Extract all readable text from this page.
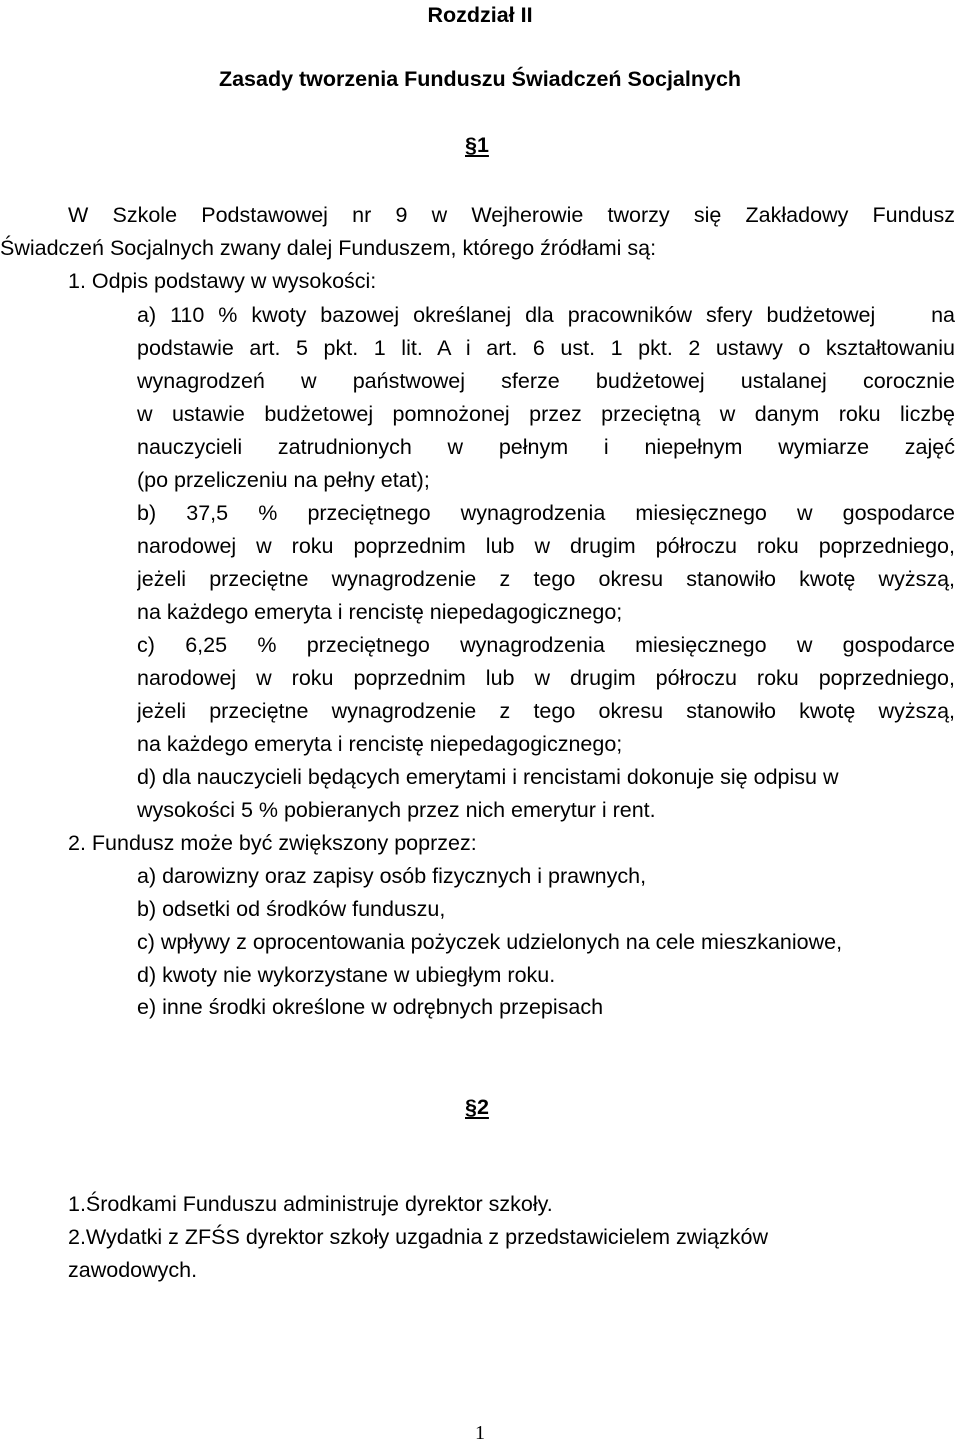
Rozdział II
Zasady tworzenia Funduszu Świadczeń Socjalnych
§1
W Szkole Podstawowej nr 9 w Wejherowie tworzy się Zakładowy Fundusz
Świadczeń Socjalnych zwany dalej Funduszem, którego źródłami są:
1. Odpis podstawy w wysokości:
a) 110 % kwoty bazowej określanej dla pracowników sfery budżetowej    na
podstawie art. 5 pkt. 1 lit. A i art. 6 ust. 1 pkt. 2 ustawy o kształtowaniu
wynagrodzeń w państwowej sferze budżetowej ustalanej corocznie
w ustawie budżetowej pomnożonej przez przeciętną w danym roku liczbę
nauczycieli zatrudnionych w pełnym i niepełnym wymiarze zajęć
(po przeliczeniu na pełny etat);
b) 37,5 % przeciętnego wynagrodzenia miesięcznego w gospodarce
narodowej w roku poprzednim lub w drugim półroczu roku poprzedniego,
jeżeli przeciętne wynagrodzenie z tego okresu stanowiło kwotę wyższą,
na każdego emeryta i rencistę niepedagogicznego;
c) 6,25 % przeciętnego wynagrodzenia miesięcznego w gospodarce
narodowej w roku poprzednim lub w drugim półroczu roku poprzedniego,
jeżeli przeciętne wynagrodzenie z tego okresu stanowiło kwotę wyższą,
na każdego emeryta i rencistę niepedagogicznego;
d) dla nauczycieli będących emerytami i rencistami dokonuje się odpisu w
wysokości 5 % pobieranych przez nich emerytur i rent.
2. Fundusz może być zwiększony poprzez:
a) darowizny oraz zapisy osób fizycznych i prawnych,
b) odsetki od środków funduszu,
c) wpływy z oprocentowania pożyczek udzielonych na cele mieszkaniowe,
d) kwoty nie wykorzystane w ubiegłym roku.
e) inne środki określone w odrębnych przepisach
§2
1.Środkami Funduszu administruje dyrektor szkoły.
2.Wydatki z ZFŚS dyrektor szkoły uzgadnia z przedstawicielem związków
zawodowych.
1
